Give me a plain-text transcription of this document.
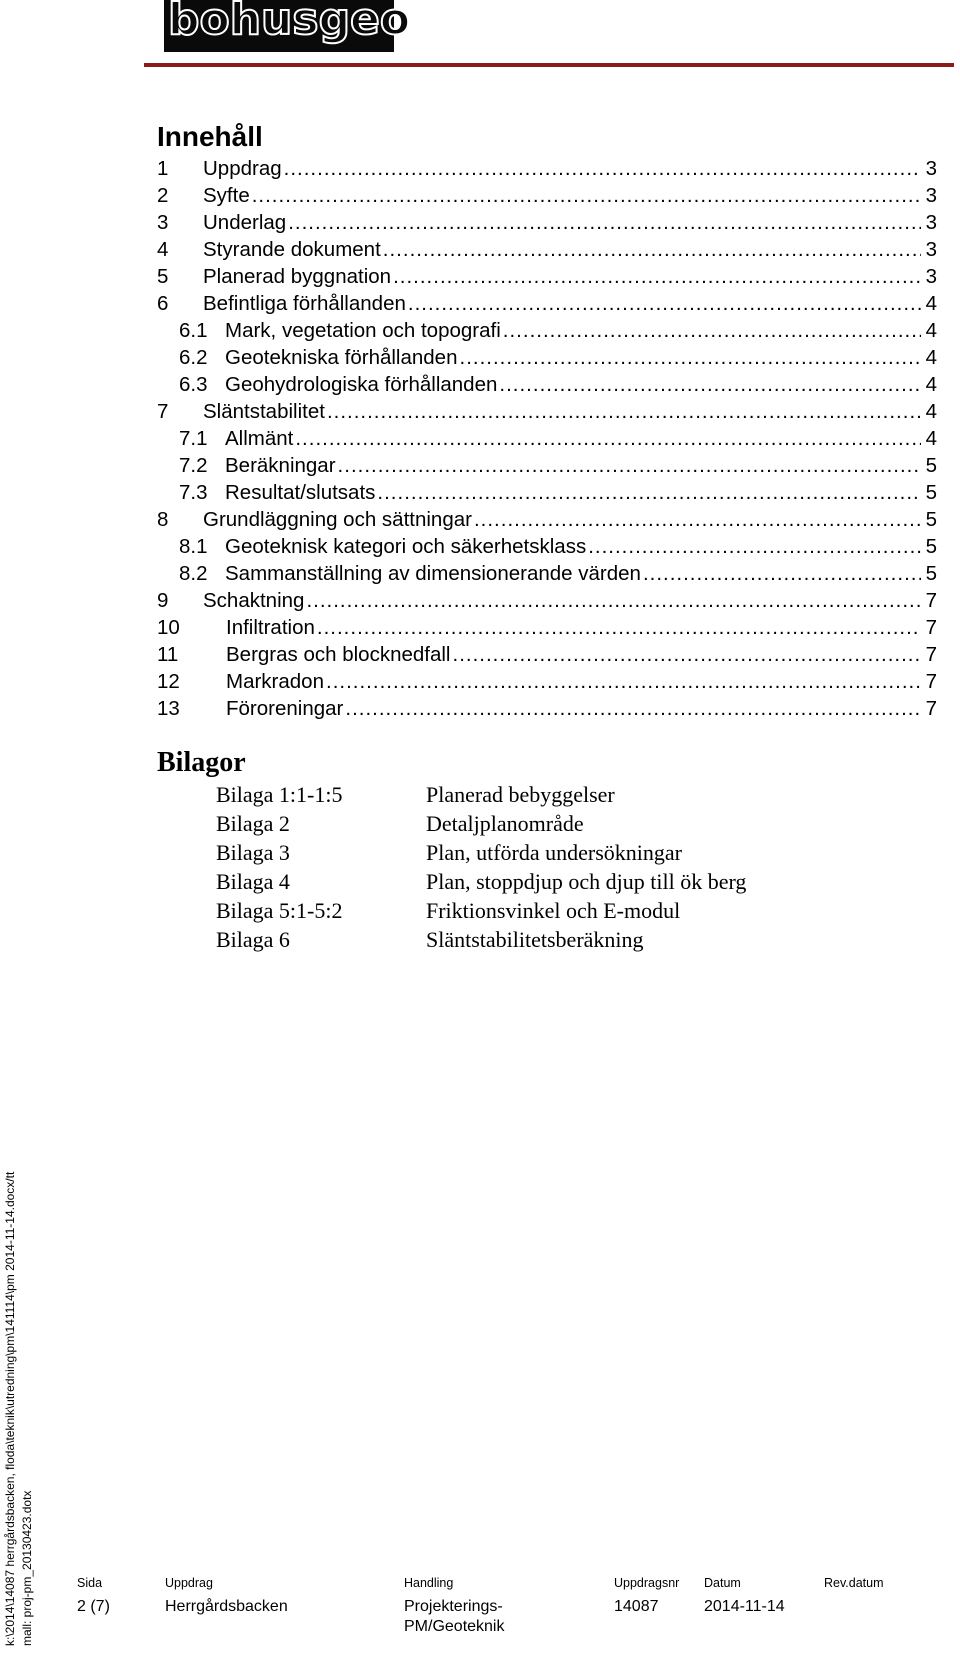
bohusgeo
Innehåll
1	Uppdrag .....	3
2	Syfte .....	3
3	Underlag .....	3
4	Styrande dokument .....	3
5	Planerad byggnation .....	3
6	Befintliga förhållanden .....	4
6.1 Mark, vegetation och topografi .....	4
6.2 Geotekniska förhållanden .....	4
6.3 Geohydrologiska förhållanden .....	4
7	Släntstabilitet .....	4
7.1 Allmänt .....	4
7.2 Beräkningar .....	5
7.3 Resultat/slutsats .....	5
8	Grundläggning och sättningar .....	5
8.1 Geoteknisk kategori och säkerhetsklass .....	5
8.2 Sammanställning av dimensionerande värden .....	5
9	Schaktning .....	7
10	Infiltration .....	7
11	Bergras och blocknedfall .....	7
12	Markradon .....	7
13	Föroreningar .....	7
Bilagor
Bilaga 1:1-1:5	Planerad bebyggelser
Bilaga 2	Detaljplanområde
Bilaga 3	Plan, utförda undersökningar
Bilaga 4	Plan, stoppdjup och djup till ök berg
Bilaga 5:1-5:2	Friktionsvinkel och E-modul
Bilaga 6	Släntstabilitetsberäkning
k:\2014\14087 herrgårdsbacken, floda\teknik\utredning\pm\141114\pm 2014-11-14.docx/tt mall: proj-pm_20130423.dotx	Sida
2 (7)
Uppdrag
Herrgårdsbacken
Handling
Projekterings-
PM/Geoteknik
Uppdragsnr
14087
Datum
2014-11-14
Rev.datum
